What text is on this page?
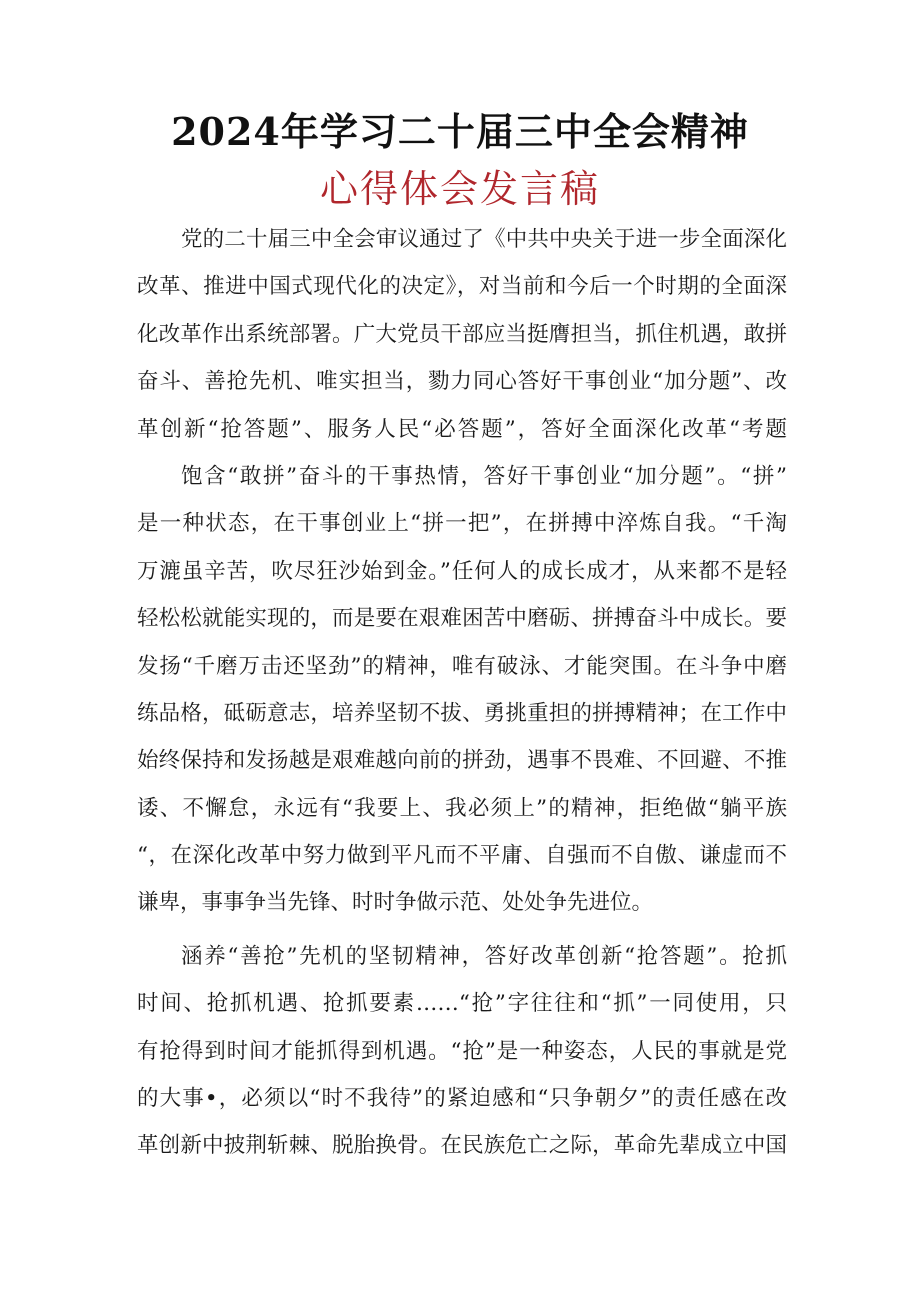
2024年学习二十届三中全会精神
心得体会发言稿
党的二十届三中全会审议通过了《中共中央关于进一步全面深化
改革、推进中国式现代化的决定》，对当前和今后一个时期的全面深
化改革作出系统部署。广大党员干部应当挺膺担当，抓住机遇，敢拼
奋斗、善抢先机、唯实担当，勠力同心答好干事创业“加分题”、改
革创新“抢答题”、服务人民“必答题”，答好全面深化改革“考题
饱含“敢拼”奋斗的干事热情，答好干事创业“加分题”。“拼”
是一种状态，在干事创业上“拼一把”，在拼搏中淬炼自我。“千淘
万漉虽辛苦，吹尽狂沙始到金。”任何人的成长成才，从来都不是轻
轻松松就能实现的，而是要在艰难困苦中磨砺、拼搏奋斗中成长。要
发扬“千磨万击还坚劲”的精神，唯有破泳、才能突围。在斗争中磨
练品格，砥砺意志，培养坚韧不拔、勇挑重担的拼搏精神；在工作中
始终保持和发扬越是艰难越向前的拼劲，遇事不畏难、不回避、不推
诿、不懈怠，永远有“我要上、我必须上”的精神，拒绝做“躺平族
“，在深化改革中努力做到平凡而不平庸、自强而不自傲、谦虚而不
谦卑，事事争当先锋、时时争做示范、处处争先进位。
涵养“善抢”先机的坚韧精神，答好改革创新“抢答题”。抢抓
时间、抢抓机遇、抢抓要素……“抢”字往往和“抓”一同使用，只
有抢得到时间才能抓得到机遇。“抢”是一种姿态，人民的事就是党
的大事•，必须以“时不我待”的紧迫感和“只争朝夕”的责任感在改
革创新中披荆斩棘、脱胎换骨。在民族危亡之际，革命先辈成立中国
